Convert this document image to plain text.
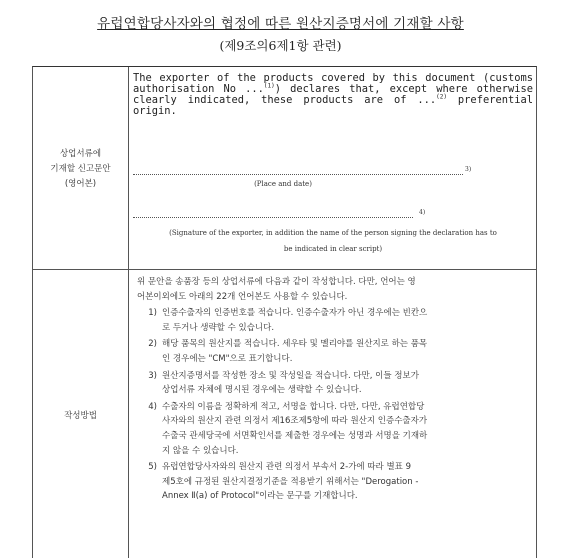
유럽연합당사자와의 협정에 따른 원산지증명서에 기재할 사항
(제9조의6제1항 관련)
상업서류에
기재할 신고문안
(영어본)
The exporter of the products covered by this document (customs authorisation No ...$^{(1)}$) declares that, except where otherwise clearly indicated, these products are of ...$^{(2)}$ preferential origin.
3)
(Place and date)
4)
(Signature of the exporter, in addition the name of the person signing the declaration has to
be indicated in clear script)
작성방법

위 문안을 송품장 등의 상업서류에 다음과 같이 작성합니다. 다만, 언어는 영

어본이외에도 아래의 22개 언어본도 사용할 수 있습니다.

1) 인증수출자의 인증번호를 적습니다. 인증수출자가 아닌 경우에는 빈칸으
로 두거나 생략할 수 있습니다.
2) 해당 품목의 원산지를 적습니다. 세우타 및 멜리야를 원산지로 하는 품목
인 경우에는 "CM"으로 표기합니다.
3) 원산지증명서를 작성한 장소 및 작성일을 적습니다. 다만, 이들 정보가
상업서류 자체에 명시된 경우에는 생략할 수 있습니다.
4) 수출자의 이름을 정확하게 적고, 서명을 합니다. 다만, 다만, 유럽연합당
사자와의 원산지 관련 의정서 제16조제5항에 따라 원산지 인증수출자가
수출국 관세당국에 서면확인서를 제출한 경우에는 성명과 서명을 기재하
지 않을 수 있습니다.
5) 유럽연합당사자와의 원산지 관련 의정서 부속서 2-가에 따라 별표 9
제5호에 규정된 원산지결정기준을 적용받기 위해서는 "Derogation -
Annex Ⅱ(a) of Protocol"이라는 문구를 기재합니다.
